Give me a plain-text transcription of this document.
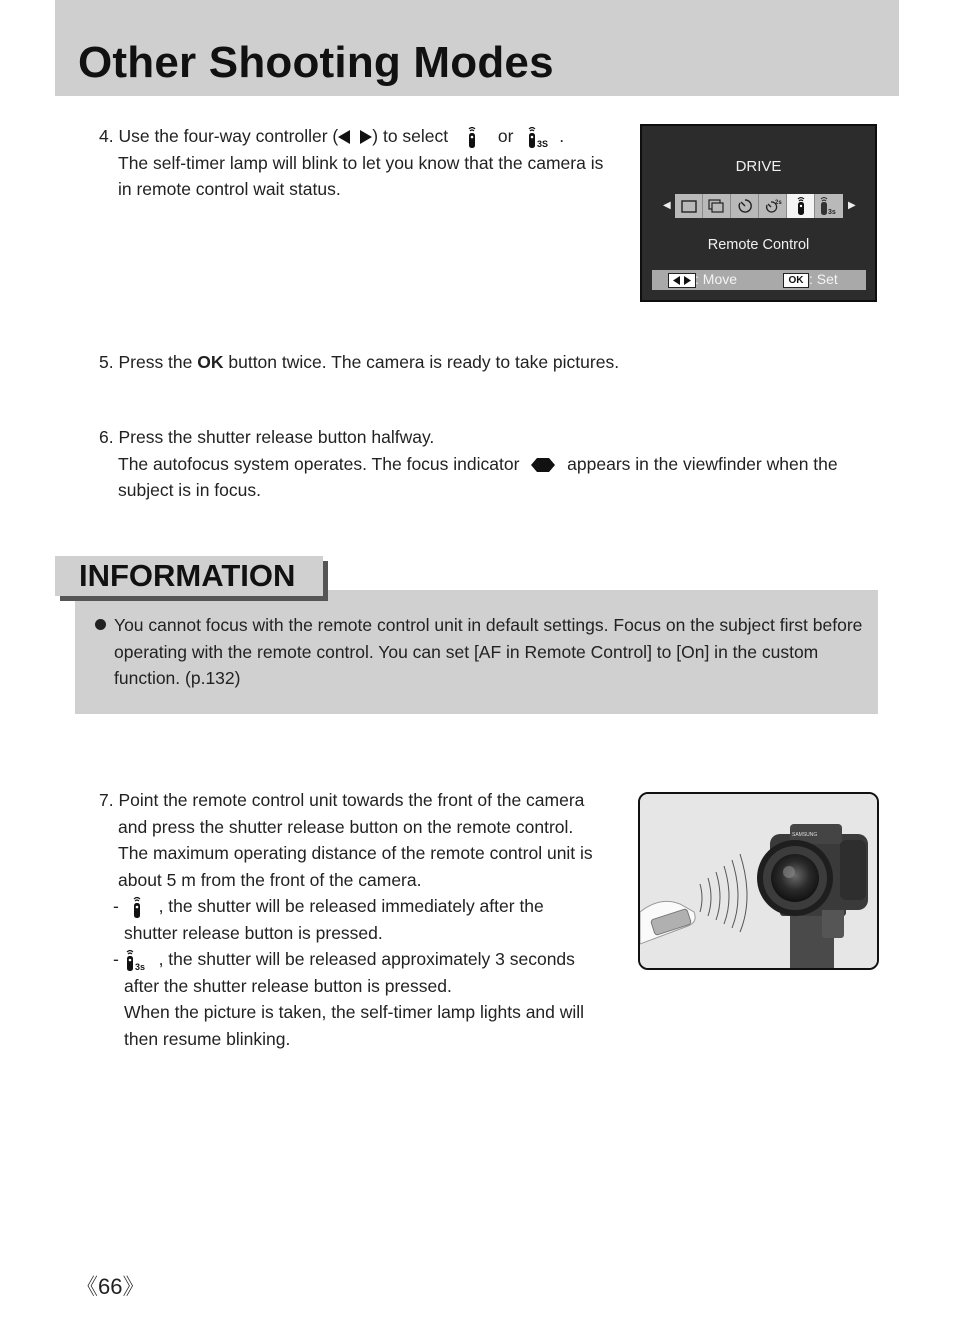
Other Shooting Modes
4. Use the four-way controller ( ) to select	or	3S .
The self-timer lamp will blink to let you know that the camera is
in remote control wait status.
DRIVE
◀	▶
2s
3s
Remote Control
: Move	OK : Set
5. Press the OK button twice. The camera is ready to take pictures.
6. Press the shutter release button halfway.
The autofocus system operates. The focus indicator	appears in the viewfinder when the
subject is in focus.
INFORMATION
You cannot focus with the remote control unit in default settings. Focus on the subject first before
operating with the remote control. You can set [AF in Remote Control] to [On] in the custom
function. (p.132)
7. Point the remote control unit towards the front of the camera
and press the shutter release button on the remote control.
The maximum operating distance of the remote control unit is
about 5 m from the front of the camera.
- , the shutter will be released immediately after the
shutter release button is pressed.
- 3s , the shutter will be released approximately 3 seconds
after the shutter release button is pressed.
When the picture is taken, the self-timer lamp lights and will
then resume blinking.
SAMSUNG
《66》
